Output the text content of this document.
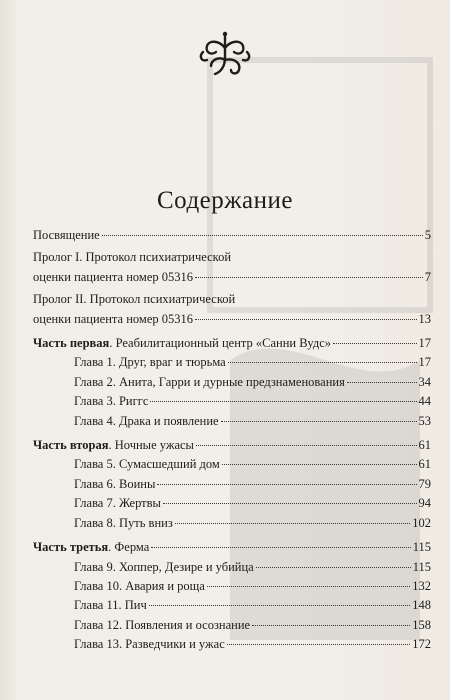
Содержание
Посвящение	5
Пролог I. Протокол психиатрической
оценки пациента номер 05316	7
Пролог II. Протокол психиатрической
оценки пациента номер 05316	13
Часть первая. Реабилитационный центр «Санни Вудс»	17
Глава 1. Друг, враг и тюрьма	17
Глава 2. Анита, Гарри и дурные предзнаменования	34
Глава 3. Риггс	44
Глава 4. Драка и появление	53
Часть вторая. Ночные ужасы	61
Глава 5. Сумасшедший дом	61
Глава 6. Воины	79
Глава 7. Жертвы	94
Глава 8. Путь вниз	102
Часть третья. Ферма	115
Глава 9. Хоппер, Дезире и убийца	115
Глава 10. Авария и роща	132
Глава 11. Пич	148
Глава 12. Появления и осознание	158
Глава 13. Разведчики и ужас	172
